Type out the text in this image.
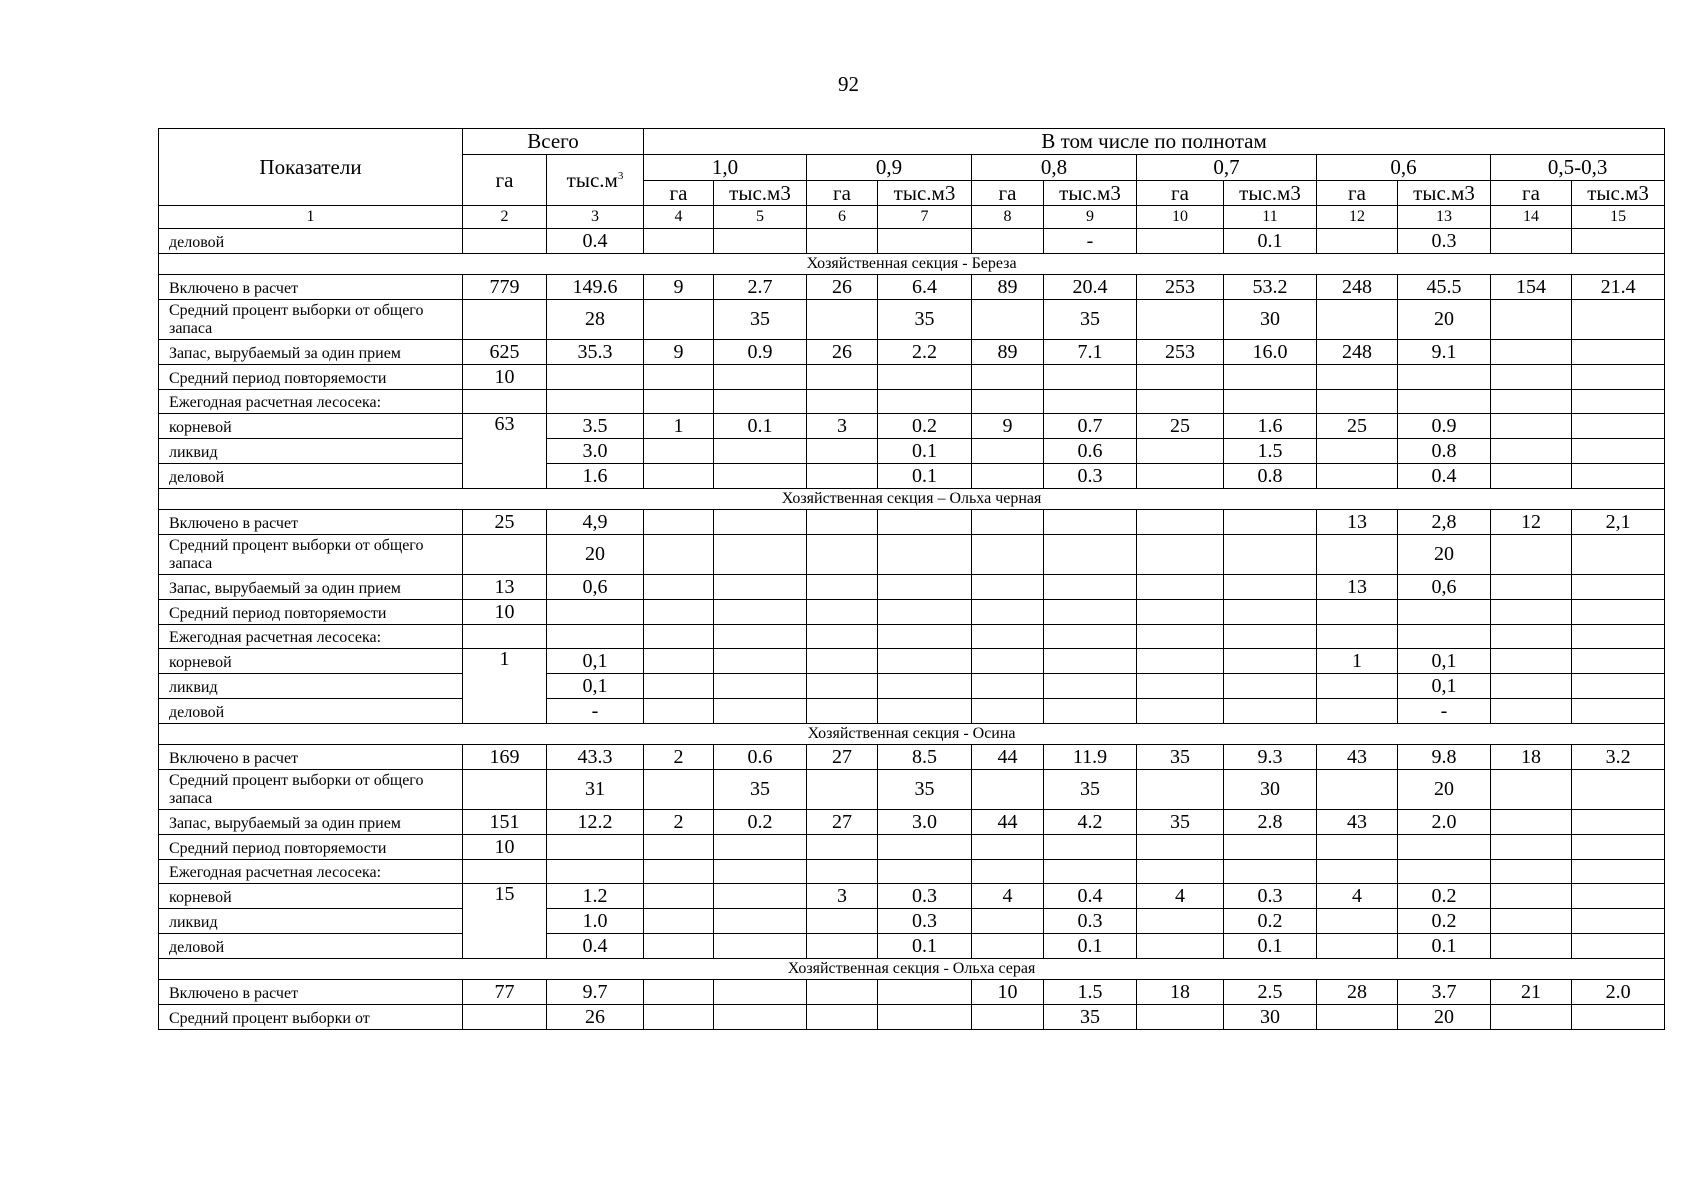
92
Показатели	Всего		В том числе по полнотам											
	га	$тыс.м^3$	1,0		0,9		0,8		0,7		0,6		0,5-0,3	
			га	тыс.м3	га	тыс.м3	га	тыс.м3	га	тыс.м3	га	тыс.м3	га	тыс.м3
1	2	3	4	5	6	7	8	9	10	11	12	13	14	15
деловой		0.4						-		0.1		0.3		
Хозяйственная секция - Береза														
Включено в расчет	779	149.6	9	2.7	26	6.4	89	20.4	253	53.2	248	45.5	154	21.4
Средний процент выборки от общего запаса		28		35		35		35		30		20		
Запас, вырубаемый за один прием	625	35.3	9	0.9	26	2.2	89	7.1	253	16.0	248	9.1		
Средний период повторяемости	10													
Ежегодная расчетная лесосека:														
корневой	63	3.5	1	0.1	3	0.2	9	0.7	25	1.6	25	0.9		
ликвид		3.0				0.1		0.6		1.5		0.8		
деловой		1.6				0.1		0.3		0.8		0.4		
Хозяйственная секция – Ольха черная														
Включено в расчет	25	4,9									13	2,8	12	2,1
Средний процент выборки от общего запаса		20										20		
Запас, вырубаемый за один прием	13	0,6									13	0,6		
Средний период повторяемости	10													
Ежегодная расчетная лесосека:														
корневой	1	0,1									1	0,1		
ликвид		0,1										0,1		
деловой		-										-		
Хозяйственная секция - Осина														
Включено в расчет	169	43.3	2	0.6	27	8.5	44	11.9	35	9.3	43	9.8	18	3.2
Средний процент выборки от общего запаса		31		35		35		35		30		20		
Запас, вырубаемый за один прием	151	12.2	2	0.2	27	3.0	44	4.2	35	2.8	43	2.0		
Средний период повторяемости	10													
Ежегодная расчетная лесосека:														
корневой	15	1.2			3	0.3	4	0.4	4	0.3	4	0.2		
ликвид		1.0				0.3		0.3		0.2		0.2		
деловой		0.4				0.1		0.1		0.1		0.1		
Хозяйственная секция - Ольха серая														
Включено в расчет	77	9.7					10	1.5	18	2.5	28	3.7	21	2.0
Средний процент выборки от		26						35		30		20		
